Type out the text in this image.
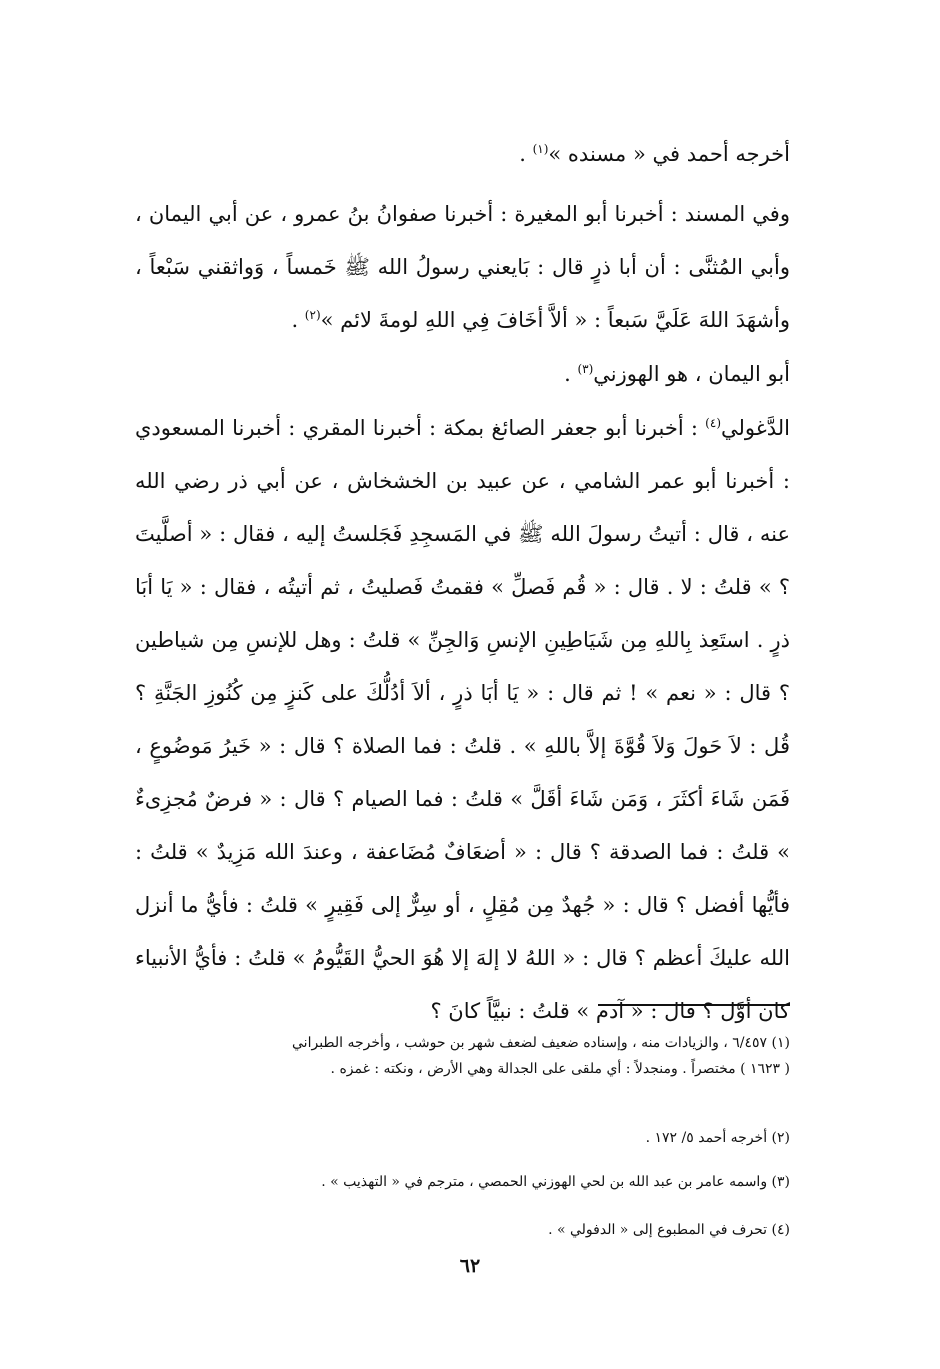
أخرجه أحمد في « مسنده »$^{(١)}$ .

وفي المسند : أخبرنا أبو المغيرة : أخبرنا صفوانُ بنُ عمرو ، عن أبي اليمان ، وأبي المُثنَّى : أن أبا ذرٍ قال : بَايعني رسولُ الله ﷺ خَمساً ، وَواثقني سَبْعاً ، وأشهَدَ اللهَ عَلَيَّ سَبعاً : « ألاَّ أخَافَ فِي اللهِ لومةَ لائم »$^{(٢)}$ .

أبو اليمان ، هو الهوزني$^{(٣)}$ .

الدَّغولي$^{(٤)}$ : أخبرنا أبو جعفر الصائغ بمكة : أخبرنا المقري : أخبرنا المسعودي : أخبرنا أبو عمر الشامي ، عن عبيد بن الخشخاش ، عن أبي ذر رضي الله عنه ، قال : أتيتُ رسولَ الله ﷺ في المَسجِدِ فَجَلستُ إليه ، فقال : « أصلَّيتَ ؟ » قلتُ : لا . قال : « قُم فَصلِّ » فقمتُ فَصليتُ ، ثم أتيتُه ، فقال : « يَا أبَا ذرٍ . استَعِذ بِاللهِ مِن شَيَاطِينِ الإنسِ وَالجِنِّ » قلتُ : وهل للإنسِ مِن شياطين ؟ قال : « نعم » ! ثم قال : « يَا أبَا ذرٍ ، ألاَ أدُلُّكَ على كَنزٍ مِن كُنُوزِ الجَنَّةِ ؟ قُل : لاَ حَولَ وَلاَ قُوَّةَ إلاَّ باللهِ » . قلتُ : فما الصلاة ؟ قال : « خَيرُ مَوضُوعٍ ، فَمَن شَاءَ أكثَرَ ، وَمَن شَاءَ أقَلَّ » قلتُ : فما الصيام ؟ قال : « فرضٌ مُجزِىءٌ » قلتُ : فما الصدقة ؟ قال : « أضعَافٌ مُضَاعفة ، وعندَ الله مَزِيدٌ » قلتُ : فأيُّها أفضل ؟ قال : « جُهدٌ مِن مُقِلٍ ، أو سِرٌّ إلى فَقِيرٍ » قلتُ : فأيُّ ما أنزل الله عليكَ أعظم ؟ قال : « اللهُ لا إلهَ إلا هُوَ الحيُّ القَيُّومُ » قلتُ : فأيُّ الأنبياء كان أوَّل ؟ قال : « آدم » قلتُ : نبيَّاً كانَ ؟

(١) ٦/٤٥٧ ، والزيادات منه ، وإسناده ضعيف لضعف شهر بن حوشب ، وأخرجه الطبراني

( ١٦٢٣ ) مختصراً . ومنجدلاً : أي ملقى على الجدالة وهي الأرض ، ونكته : غمزه .

(٢) أخرجه أحمد ٥/ ١٧٢ .
(٣) واسمه عامر بن عبد الله بن لحي الهوزني الحمصي ، مترجم في « التهذيب » .
(٤) تحرف في المطبوع إلى « الدفولي » .
٦٢
